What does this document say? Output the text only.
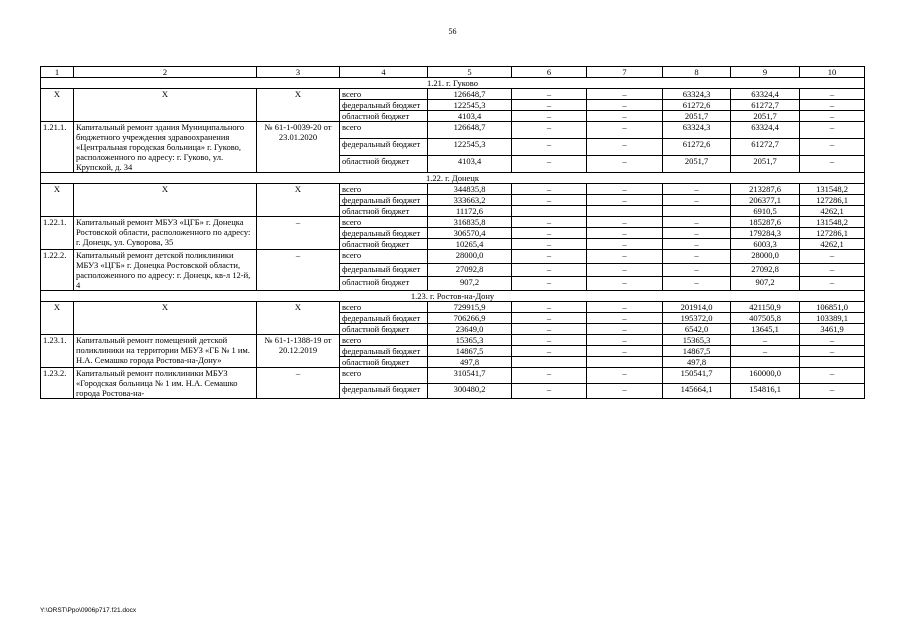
56
1	2	3	4	5	6	7	8	9	10
1.21. г. Гуково									
Х	Х	Х	всего	126648,7	–	–	63324,3	63324,4	–
			федеральный бюджет	122545,3	–	–	61272,6	61272,7	–
			областной бюджет	4103,4	–	–	2051,7	2051,7	–
1.21.1.	Капитальный ремонт здания Муниципального бюджетного учреждения здравоохранения «Центральная городская больница» г. Гуково, расположенного по адресу: г. Гуково, ул. Крупской, д. 34	№ 61-1-0039-20 от 23.01.2020	всего	126648,7	–	–	63324,3	63324,4	–
			федеральный бюджет	122545,3	–	–	61272,6	61272,7	–
			областной бюджет	4103,4	–	–	2051,7	2051,7	–
1.22. г. Донецк									
Х	Х	Х	всего	344835,8	–	–	–	213287,6	131548,2
			федеральный бюджет	333663,2	–	–	–	206377,1	127286,1
			областной бюджет	11172,6				6910,5	4262,1
1.22.1.	Капитальный ремонт МБУЗ «ЦГБ» г. Донецка Ростовской области, расположенного по адресу: г. Донецк, ул. Суворова, 35	–	всего	316835,8	–	–	–	185287,6	131548,2
			федеральный бюджет	306570,4	–	–	–	179284,3	127286,1
			областной бюджет	10265,4	–	–	–	6003,3	4262,1
1.22.2.	Капитальный ремонт детской поликлиники МБУЗ «ЦГБ» г. Донецка Ростовской области, расположенного по адресу: г. Донецк, кв-л 12-й, 4	–	всего	28000,0	–	–	–	28000,0	–
			федеральный бюджет	27092,8	–	–	–	27092,8	–
			областной бюджет	907,2	–	–	–	907,2	–
1.23. г. Ростов-на-Дону									
Х	Х	Х	всего	729915,9	–	–	201914,0	421150,9	106851,0
			федеральный бюджет	706266,9	–	–	195372,0	407505,8	103389,1
			областной бюджет	23649,0	–	–	6542,0	13645,1	3461,9
1.23.1.	Капитальный ремонт помещений детской поликлиники на территории МБУЗ «ГБ № 1 им. Н.А. Семашко города Ростова-на-Дону»	№ 61-1-1388-19 от 20.12.2019	всего	15365,3	–	–	15365,3	–	–
			федеральный бюджет	14867,5	–	–	14867,5	–	–
			областной бюджет	497,8			497,8		
1.23.2.	Капитальный ремонт поликлиники МБУЗ «Городская больница № 1 им. Н.А. Семашко города Ростова-на-	–	всего	310541,7	–	–	150541,7	160000,0	–
			федеральный бюджет	300480,2	–	–	145664,1	154816,1	–
Y:\ORST\Ppo\0906p717.f21.docx
